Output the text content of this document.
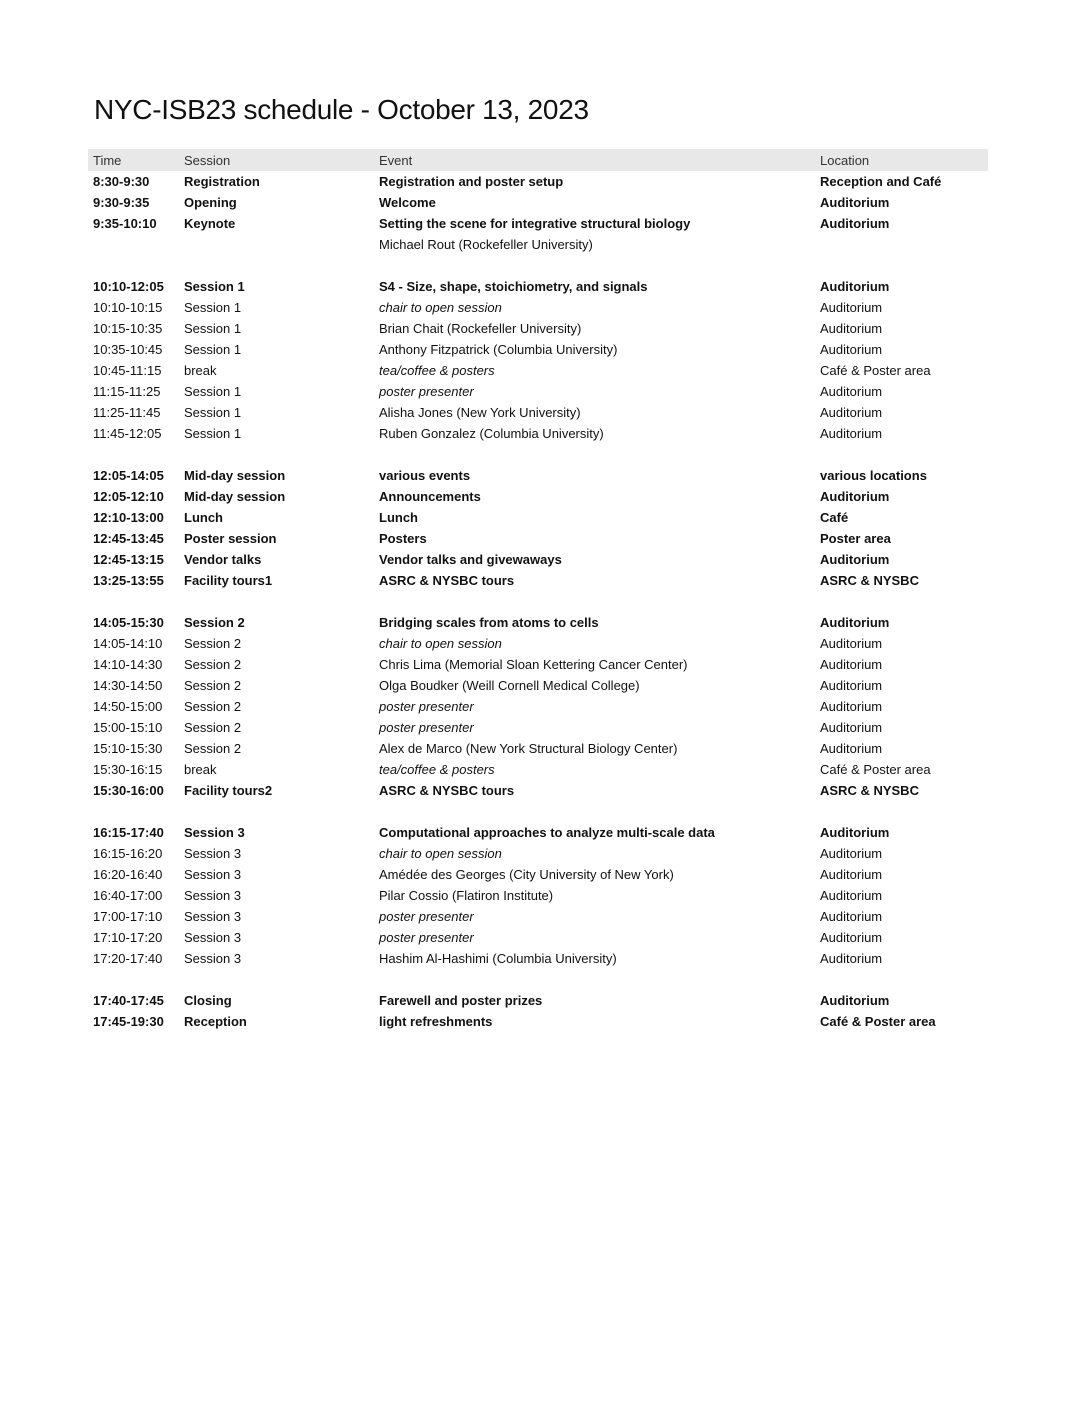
NYC-ISB23 schedule - October 13, 2023
Time	Session	Event	Location
8:30-9:30	Registration	Registration and poster setup	Reception and Café
9:30-9:35	Opening	Welcome	Auditorium
9:35-10:10	Keynote	Setting the scene for integrative structural biology	Auditorium
Michael Rout (Rockefeller University)
10:10-12:05	Session 1	S4 - Size, shape, stoichiometry, and signals	Auditorium
10:10-10:15	Session 1	chair to open session	Auditorium
10:15-10:35	Session 1	Brian Chait (Rockefeller University)	Auditorium
10:35-10:45	Session 1	Anthony Fitzpatrick (Columbia University)	Auditorium
10:45-11:15	break	tea/coffee & posters	Café & Poster area
11:15-11:25	Session 1	poster presenter	Auditorium
11:25-11:45	Session 1	Alisha Jones (New York University)	Auditorium
11:45-12:05	Session 1	Ruben Gonzalez (Columbia University)	Auditorium
12:05-14:05	Mid-day session	various events	various locations
12:05-12:10	Mid-day session	Announcements	Auditorium
12:10-13:00	Lunch	Lunch	Café
12:45-13:45	Poster session	Posters	Poster area
12:45-13:15	Vendor talks	Vendor talks and givewaways	Auditorium
13:25-13:55	Facility tours1	ASRC & NYSBC tours	ASRC & NYSBC
14:05-15:30	Session 2	Bridging scales from atoms to cells	Auditorium
14:05-14:10	Session 2	chair to open session	Auditorium
14:10-14:30	Session 2	Chris Lima (Memorial Sloan Kettering Cancer Center)	Auditorium
14:30-14:50	Session 2	Olga Boudker (Weill Cornell Medical College)	Auditorium
14:50-15:00	Session 2	poster presenter	Auditorium
15:00-15:10	Session 2	poster presenter	Auditorium
15:10-15:30	Session 2	Alex de Marco (New York Structural Biology Center)	Auditorium
15:30-16:15	break	tea/coffee & posters	Café & Poster area
15:30-16:00	Facility tours2	ASRC & NYSBC tours	ASRC & NYSBC
16:15-17:40	Session 3	Computational approaches to analyze multi-scale data	Auditorium
16:15-16:20	Session 3	chair to open session	Auditorium
16:20-16:40	Session 3	Amédée des Georges (City University of New York)	Auditorium
16:40-17:00	Session 3	Pilar Cossio (Flatiron Institute)	Auditorium
17:00-17:10	Session 3	poster presenter	Auditorium
17:10-17:20	Session 3	poster presenter	Auditorium
17:20-17:40	Session 3	Hashim Al-Hashimi (Columbia University)	Auditorium
17:40-17:45	Closing	Farewell and poster prizes	Auditorium
17:45-19:30	Reception	light refreshments	Café & Poster area
